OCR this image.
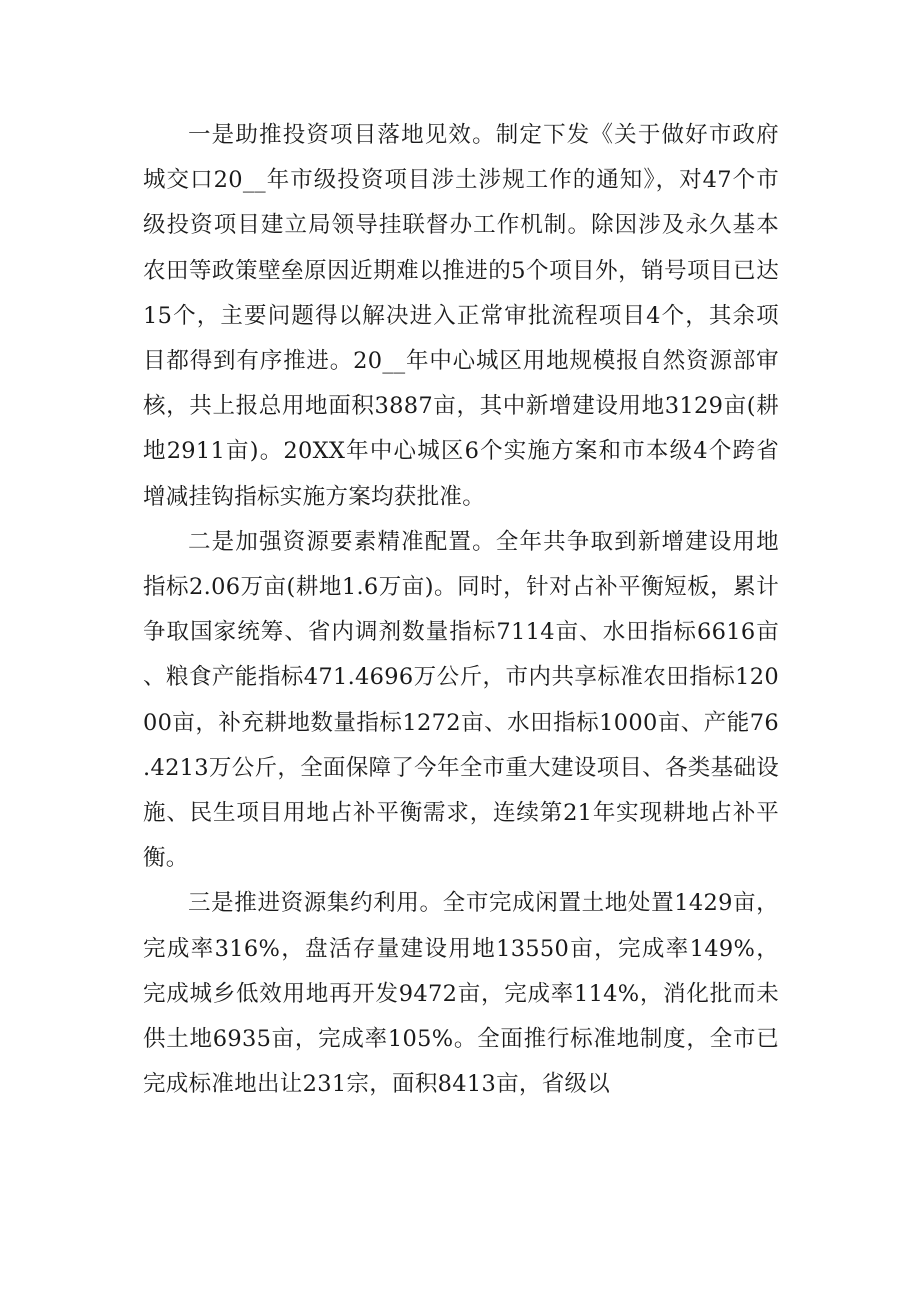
一是助推投资项目落地见效。制定下发《关于做好市政府城交口20__年市级投资项目涉土涉规工作的通知》，对47个市级投资项目建立局领导挂联督办工作机制。除因涉及永久基本农田等政策壁垒原因近期难以推进的5个项目外，销号项目已达15个，主要问题得以解决进入正常审批流程项目4个，其余项目都得到有序推进。20__年中心城区用地规模报自然资源部审核，共上报总用地面积3887亩，其中新增建设用地3129亩(耕地2911亩)。20XX年中心城区6个实施方案和市本级4个跨省增减挂钩指标实施方案均获批准。

二是加强资源要素精准配置。全年共争取到新增建设用地指标2.06万亩(耕地1.6万亩)。同时，针对占补平衡短板，累计争取国家统筹、省内调剂数量指标7114亩、水田指标6616亩、粮食产能指标471.4696万公斤，市内共享标准农田指标12000亩，补充耕地数量指标1272亩、水田指标1000亩、产能76.4213万公斤，全面保障了今年全市重大建设项目、各类基础设施、民生项目用地占补平衡需求，连续第21年实现耕地占补平衡。

三是推进资源集约利用。全市完成闲置土地处置1429亩，完成率316%，盘活存量建设用地13550亩，完成率149%，完成城乡低效用地再开发9472亩，完成率114%，消化批而未供土地6935亩，完成率105%。全面推行标准地制度，全市已完成标准地出让231宗，面积8413亩，省级以
